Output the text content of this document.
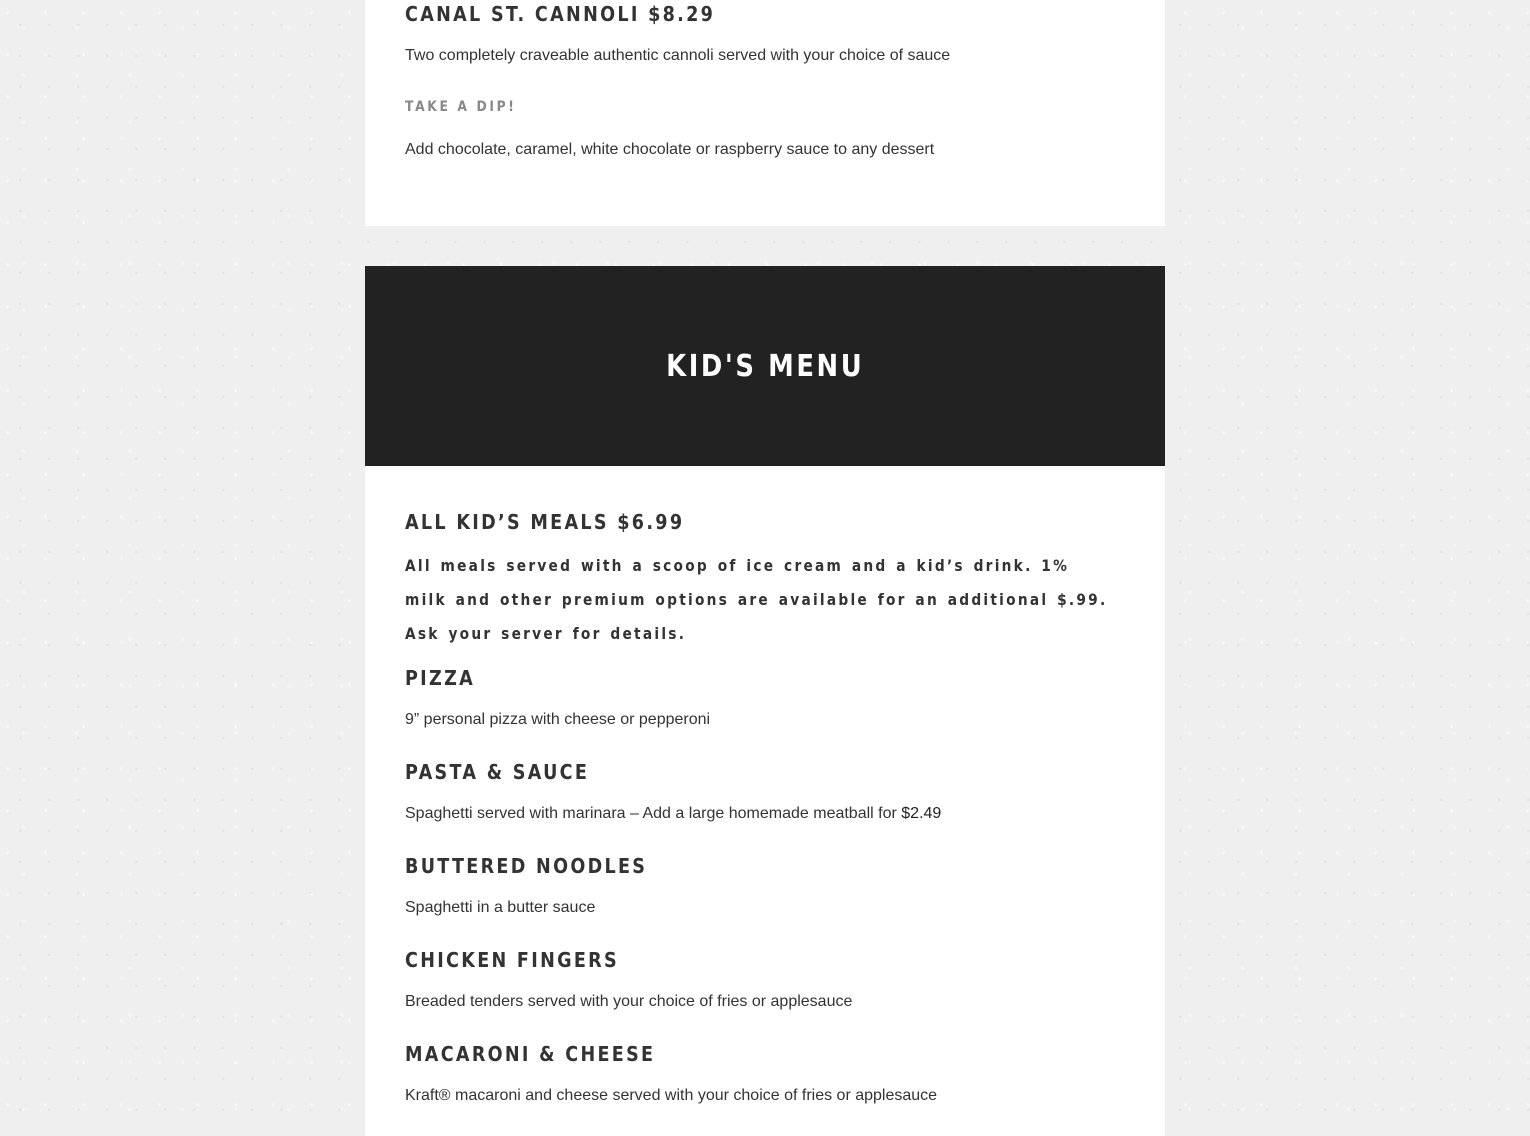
CANAL ST. CANNOLI $8.29

Two completely craveable authentic cannoli served with your choice of sauce

TAKE A DIP!

Add chocolate, caramel, white chocolate or raspberry sauce to any dessert

KID'S MENU
ALL KID’S MEALS $6.99

All meals served with a scoop of ice cream and a kid’s drink. 1% milk and other premium options are available for an additional $.99. Ask your server for details.

PIZZA

9” personal pizza with cheese or pepperoni

PASTA & SAUCE

Spaghetti served with marinara – Add a large homemade meatball for $2.49

BUTTERED NOODLES

Spaghetti in a butter sauce

CHICKEN FINGERS

Breaded tenders served with your choice of fries or applesauce

MACARONI & CHEESE

Kraft® macaroni and cheese served with your choice of fries or applesauce
